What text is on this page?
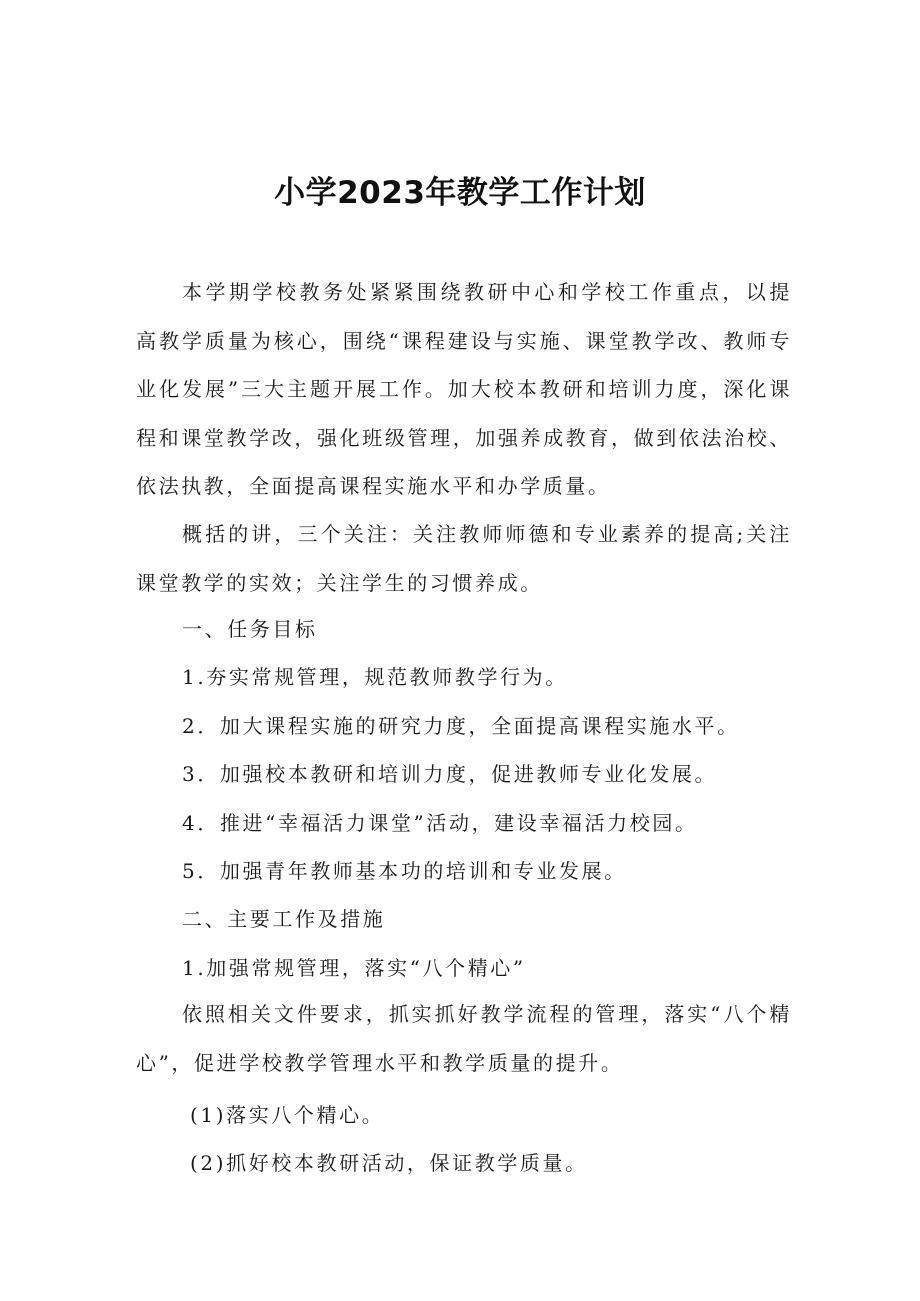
小学2023年教学工作计划

本学期学校教务处紧紧围绕教研中心和学校工作重点，以提高教学质量为核心，围绕“课程建设与实施、课堂教学改、教师专业化发展”三大主题开展工作。加大校本教研和培训力度，深化课程和课堂教学改，强化班级管理，加强养成教育，做到依法治校、依法执教，全面提高课程实施水平和办学质量。

概括的讲，三个关注：关注教师师德和专业素养的提高;关注课堂教学的实效；关注学生的习惯养成。

一、任务目标

1.夯实常规管理，规范教师教学行为。

2．加大课程实施的研究力度，全面提高课程实施水平。

3．加强校本教研和培训力度，促进教师专业化发展。

4．推进“幸福活力课堂”活动，建设幸福活力校园。

5．加强青年教师基本功的培训和专业发展。

二、主要工作及措施

1.加强常规管理，落实“八个精心”

依照相关文件要求，抓实抓好教学流程的管理，落实“八个精心”，促进学校教学管理水平和教学质量的提升。

(1)落实八个精心。

(2)抓好校本教研活动，保证教学质量。
